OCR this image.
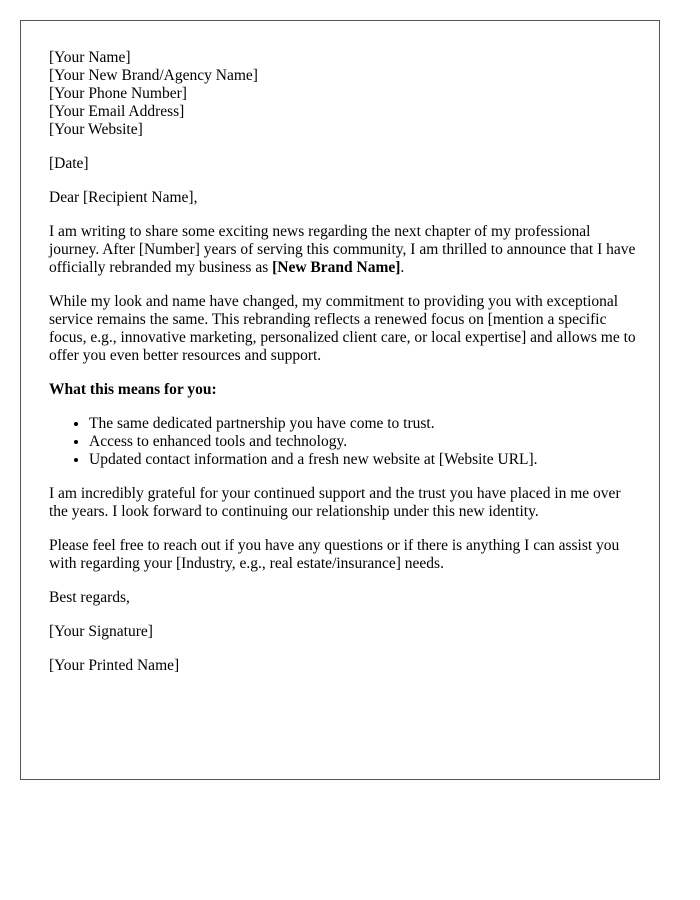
[Your Name]
[Your New Brand/Agency Name]
[Your Phone Number]
[Your Email Address]
[Your Website]

[Date]

Dear [Recipient Name],

I am writing to share some exciting news regarding the next chapter of my professional journey. After [Number] years of serving this community, I am thrilled to announce that I have officially rebranded my business as [New Brand Name].

While my look and name have changed, my commitment to providing you with exceptional service remains the same. This rebranding reflects a renewed focus on [mention a specific focus, e.g., innovative marketing, personalized client care, or local expertise] and allows me to offer you even better resources and support.

What this means for you:

• The same dedicated partnership you have come to trust.
• Access to enhanced tools and technology.
• Updated contact information and a fresh new website at [Website URL].

I am incredibly grateful for your continued support and the trust you have placed in me over the years. I look forward to continuing our relationship under this new identity.

Please feel free to reach out if you have any questions or if there is anything I can assist you with regarding your [Industry, e.g., real estate/insurance] needs.

Best regards,

[Your Signature]

[Your Printed Name]
